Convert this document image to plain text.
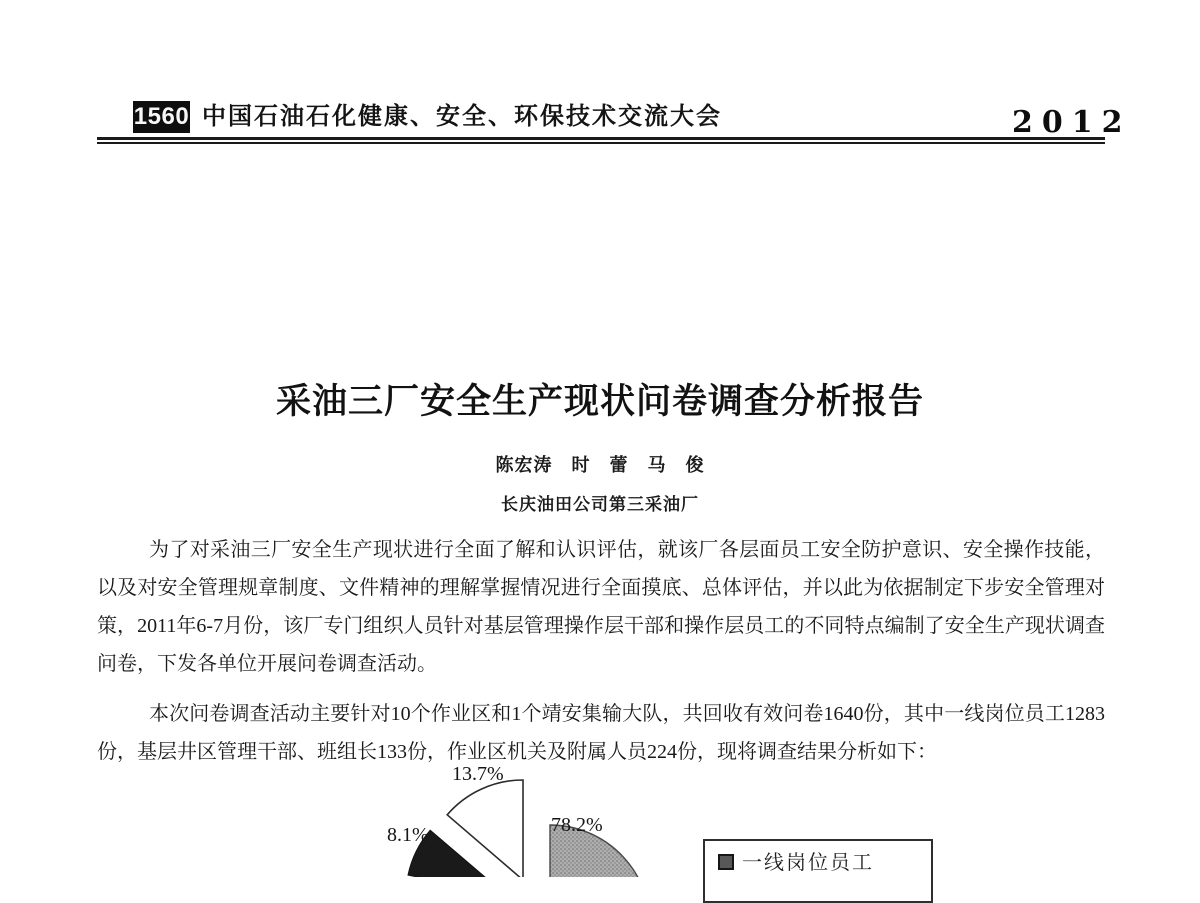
1560 中国石油石化健康、安全、环保技术交流大会	2012
采油三厂安全生产现状问卷调查分析报告
陈宏涛　时　蕾　马　俊
长庆油田公司第三采油厂

为了对采油三厂安全生产现状进行全面了解和认识评估，就该厂各层面员工安全防护意识、安全操作技能，以及对安全管理规章制度、文件精神的理解掌握情况进行全面摸底、总体评估，并以此为依据制定下步安全管理对策，2011年6-7月份，该厂专门组织人员针对基层管理操作层干部和操作层员工的不同特点编制了安全生产现状调查问卷，下发各单位开展问卷调查活动。

本次问卷调查活动主要针对10个作业区和1个靖安集输大队，共回收有效问卷1640份，其中一线岗位员工1283份，基层井区管理干部、班组长133份，作业区机关及附属人员224份，现将调查结果分析如下：

13.7%
8.1%	78.2%
一线岗位员工
